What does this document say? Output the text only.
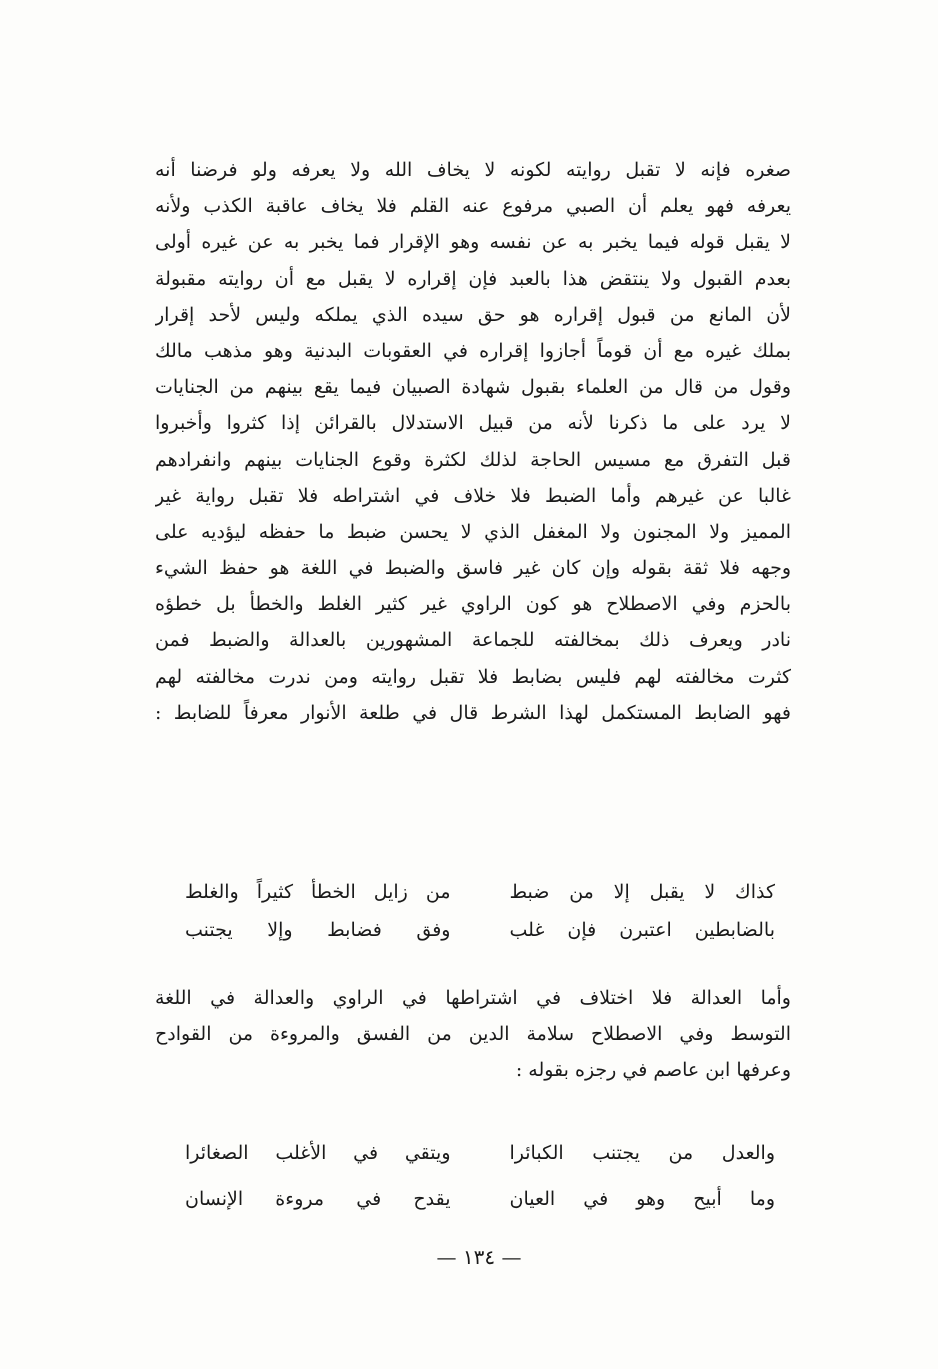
صغره فإنه لا تقبل روايته لكونه لا يخاف الله ولا يعرفه ولو فرضنا أنه
يعرفه فهو يعلم أن الصبي مرفوع عنه القلم فلا يخاف عاقبة الكذب ولأنه
لا يقبل قوله فيما يخبر به عن نفسه وهو الإقرار فما يخبر به عن غيره أولى
بعدم القبول ولا ينتقض هذا بالعبد فإن إقراره لا يقبل مع أن روايته مقبولة
لأن المانع من قبول إقراره هو حق سيده الذي يملكه وليس لأحد إقرار
بملك غيره مع أن قوماً أجازوا إقراره في العقوبات البدنية وهو مذهب مالك
وقول من قال من العلماء بقبول شهادة الصبيان فيما يقع بينهم من الجنايات
لا يرد على ما ذكرنا لأنه من قبيل الاستدلال بالقرائن إذا كثروا وأخبروا
قبل التفرق مع مسيس الحاجة لذلك لكثرة وقوع الجنايات بينهم وانفرادهم
غالبا عن غيرهم وأما الضبط فلا خلاف في اشتراطه فلا تقبل رواية غير
المميز ولا المجنون ولا المغفل الذي لا يحسن ضبط ما حفظه ليؤديه على
وجهه فلا ثقة بقوله وإن كان غير فاسق والضبط في اللغة هو حفظ الشيء
بالحزم وفي الاصطلاح هو كون الراوي غير كثير الغلط والخطأ بل خطؤه
نادر ويعرف ذلك بمخالفته للجماعة المشهورين بالعدالة والضبط فمن
كثرت مخالفته لهم فليس بضابط فلا تقبل روايته ومن ندرت مخالفته لهم
فهو الضابط المستكمل لهذا الشرط قال في طلعة الأنوار معرفاً للضابط :
كذاك لا يقبل إلا من ضبط
من زايل الخطأ كثيراً والغلط
بالضابطين اعتبرن فإن غلب
وفق فضابط وإلا يجتنب
وأما العدالة فلا اختلاف في اشتراطها في الراوي والعدالة في اللغة
التوسط وفي الاصطلاح سلامة الدين من الفسق والمروءة من القوادح
وعرفها ابن عاصم في رجزه بقوله :
والعدل من يجتنب الكبائرا
ويتقي في الأغلب الصغائرا
وما أبيح وهو في العيان
يقدح في مروءة الإنسان
— ١٣٤ —
